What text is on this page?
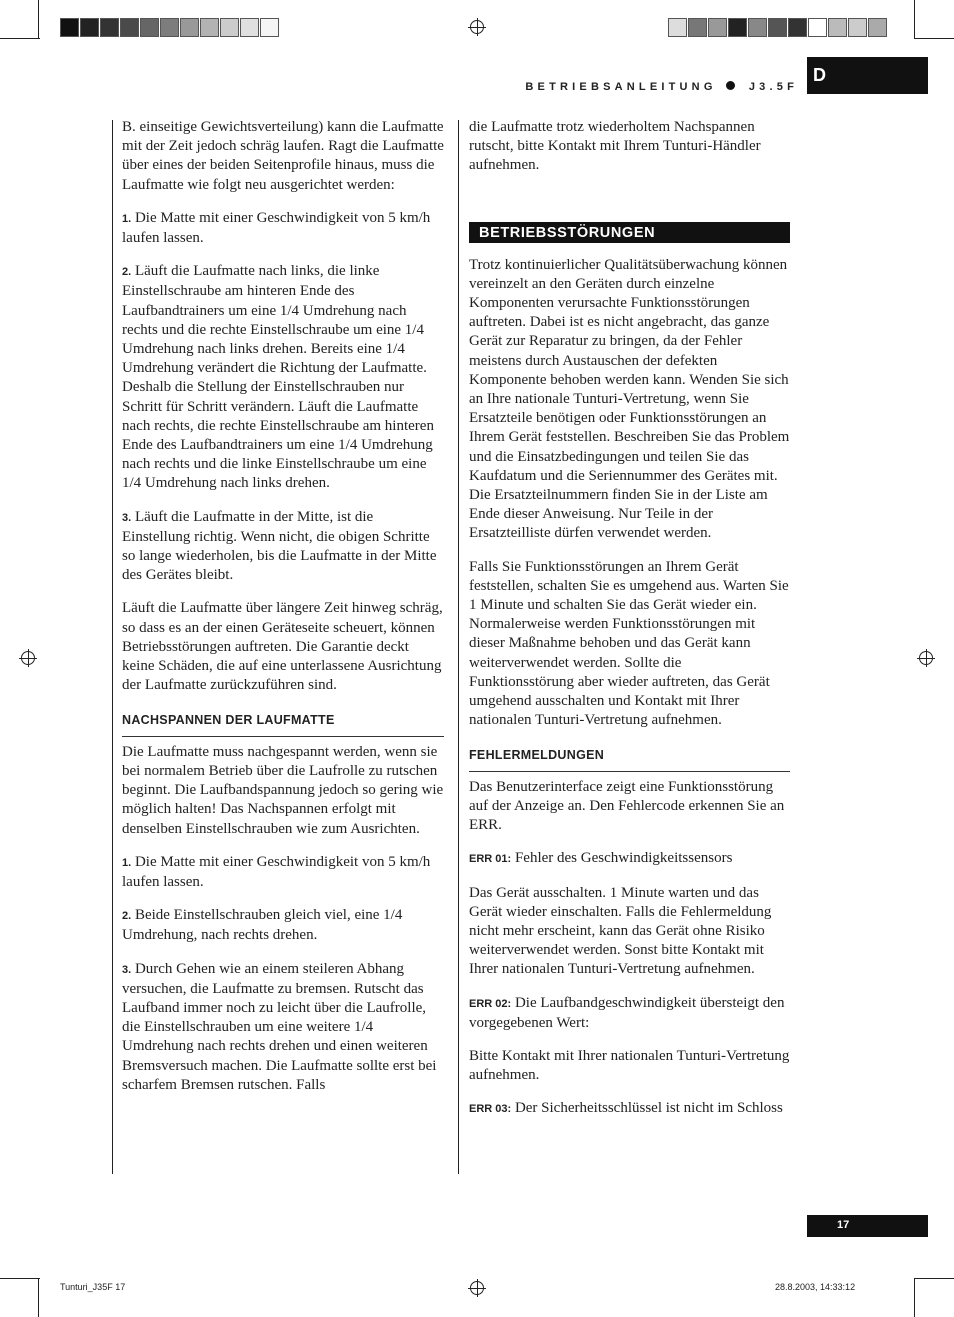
BETRIEBSANLEITUNG	J3.5F
D

B. einseitige Gewichtsverteilung) kann die Laufmatte mit der Zeit jedoch schräg laufen. Ragt die Laufmatte über eines der beiden Seitenprofile hinaus, muss die Laufmatte wie folgt neu ausgerichtet werden:

1. Die Matte mit einer Geschwindigkeit von 5 km/h laufen lassen.

2. Läuft die Laufmatte nach links, die linke Einstellschraube am hinteren Ende des Laufbandtrainers um eine 1/4 Umdrehung nach rechts und die rechte Einstellschraube um eine 1/4 Umdrehung nach links drehen. Bereits eine 1/4 Umdrehung verändert die Richtung der Laufmatte. Deshalb die Stellung der Einstellschrauben nur Schritt für Schritt verändern. Läuft die Laufmatte nach rechts, die rechte Einstellschraube am hinteren Ende des Laufbandtrainers um eine 1/4 Umdrehung nach rechts und die linke Einstellschraube um eine 1/4 Umdrehung nach links drehen.

3. Läuft die Laufmatte in der Mitte, ist die Einstellung richtig. Wenn nicht, die obigen Schritte so lange wiederholen, bis die Laufmatte in der Mitte des Gerätes bleibt.

Läuft die Laufmatte über längere Zeit hinweg schräg, so dass es an der einen Geräteseite scheuert, können Betriebsstörungen auftreten. Die Garantie deckt keine Schäden, die auf eine unterlassene Ausrichtung der Laufmatte zurückzuführen sind.

NACHSPANNEN DER LAUFMATTE

Die Laufmatte muss nachgespannt werden, wenn sie bei normalem Betrieb über die Laufrolle zu rutschen beginnt. Die Laufbandspannung jedoch so gering wie möglich halten! Das Nachspannen erfolgt mit denselben Einstellschrauben wie zum Ausrichten.

1. Die Matte mit einer Geschwindigkeit von 5 km/h laufen lassen.

2. Beide Einstellschrauben gleich viel, eine 1/4 Umdrehung, nach rechts drehen.

3. Durch Gehen wie an einem steileren Abhang versuchen, die Laufmatte zu bremsen. Rutscht das Laufband immer noch zu leicht über die Laufrolle, die Einstellschrauben um eine weitere 1/4 Umdrehung nach rechts drehen und einen weiteren Bremsversuch machen. Die Laufmatte sollte erst bei scharfem Bremsen rutschen. Falls

die Laufmatte trotz wiederholtem Nachspannen rutscht, bitte Kontakt mit Ihrem Tunturi-Händler aufnehmen.

BETRIEBSSTÖRUNGEN

Trotz kontinuierlicher Qualitätsüberwachung können vereinzelt an den Geräten durch einzelne Komponenten verursachte Funktionsstörungen auftreten. Dabei ist es nicht angebracht, das ganze Gerät zur Reparatur zu bringen, da der Fehler meistens durch Austauschen der defekten Komponente behoben werden kann. Wenden Sie sich an Ihre nationale Tunturi-Vertretung, wenn Sie Ersatzteile benötigen oder Funktionsstörungen an Ihrem Gerät feststellen. Beschreiben Sie das Problem und die Einsatzbedingungen und teilen Sie das Kaufdatum und die Seriennummer des Gerätes mit. Die Ersatzteilnummern finden Sie in der Liste am Ende dieser Anweisung. Nur Teile in der Ersatzteilliste dürfen verwendet werden.

Falls Sie Funktionsstörungen an Ihrem Gerät feststellen, schalten Sie es umgehend aus. Warten Sie 1 Minute und schalten Sie das Gerät wieder ein. Normalerweise werden Funktionsstörungen mit dieser Maßnahme behoben und das Gerät kann weiterverwendet werden. Sollte die Funktionsstörung aber wieder auftreten, das Gerät umgehend ausschalten und Kontakt mit Ihrer nationalen Tunturi-Vertretung aufnehmen.

FEHLERMELDUNGEN

Das Benutzerinterface zeigt eine Funktionsstörung auf der Anzeige an. Den Fehlercode erkennen Sie an ERR.

ERR 01: Fehler des Geschwindigkeitssensors

Das Gerät ausschalten. 1 Minute warten und das Gerät wieder einschalten. Falls die Fehlermeldung nicht mehr erscheint, kann das Gerät ohne Risiko weiterverwendet werden. Sonst bitte Kontakt mit Ihrer nationalen Tunturi-Vertretung aufnehmen.

ERR 02: Die Laufbandgeschwindigkeit übersteigt den vorgegebenen Wert:

Bitte Kontakt mit Ihrer nationalen Tunturi-Vertretung aufnehmen.

ERR 03: Der Sicherheitsschlüssel ist nicht im Schloss

17
Tunturi_J35F 17	28.8.2003, 14:33:12
